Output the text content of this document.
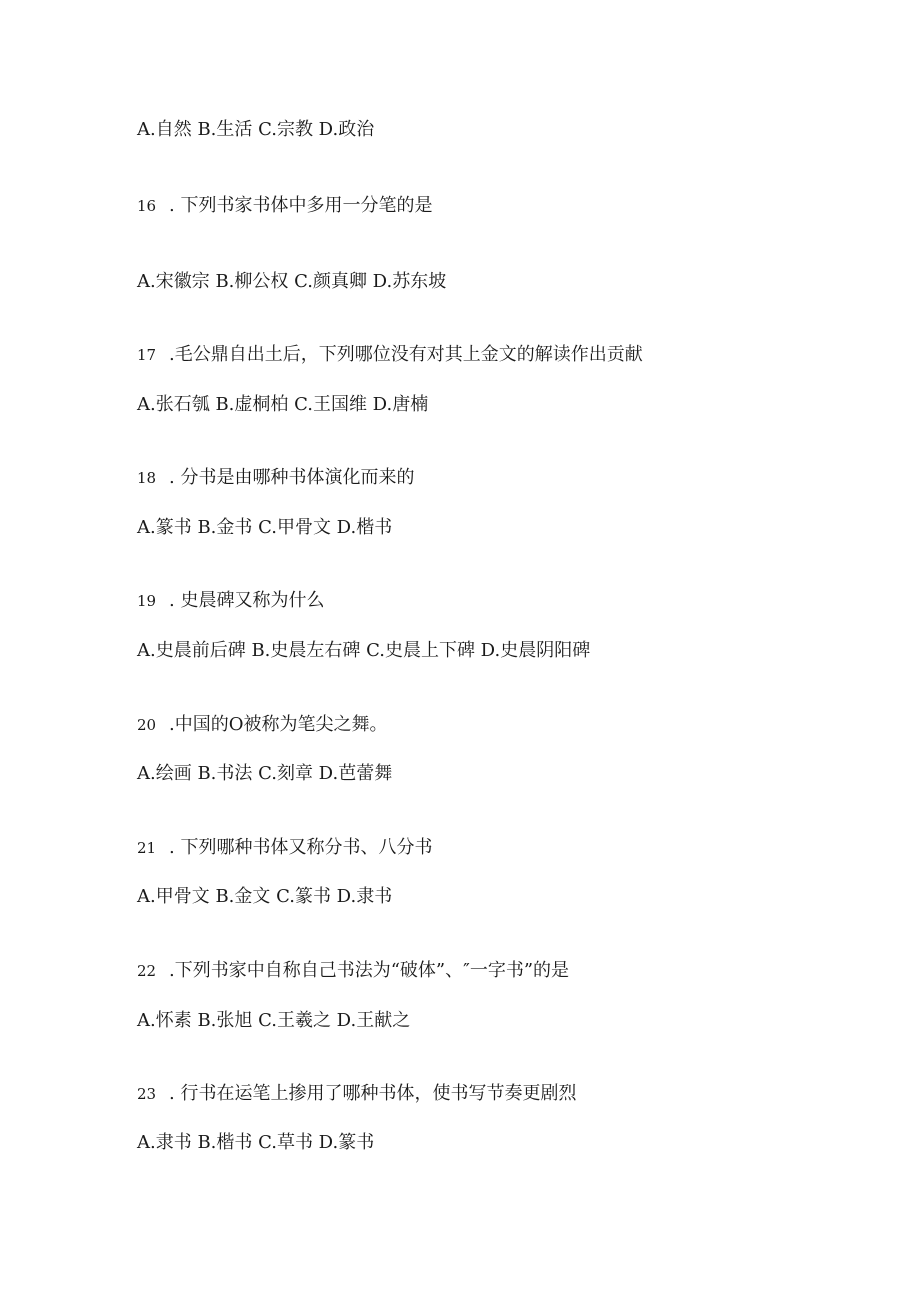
A.自然 B.生活 C.宗教 D.政治
16 . 下列书家书体中多用一分笔的是
A.宋徽宗 B.柳公权 C.颜真卿 D.苏东坡
17 .毛公鼎自出土后，下列哪位没有对其上金文的解读作出贡献
A.张石瓠 B.虚桐柏 C.王国维 D.唐楠
18 . 分书是由哪种书体演化而来的
A.篆书 B.金书 C.甲骨文 D.楷书
19 . 史晨碑又称为什么
A.史晨前后碑 B.史晨左右碑 C.史晨上下碑 D.史晨阴阳碑
20 .中国的O被称为笔尖之舞。
A.绘画 B.书法 C.刻章 D.芭蕾舞
21 . 下列哪种书体又称分书、八分书
A.甲骨文 B.金文 C.篆书 D.隶书
22 .下列书家中自称自己书法为“破体”、″一字书”的是
A.怀素 B.张旭 C.王羲之 D.王献之
23 . 行书在运笔上掺用了哪种书体，使书写节奏更剧烈
A.隶书 B.楷书 C.草书 D.篆书
